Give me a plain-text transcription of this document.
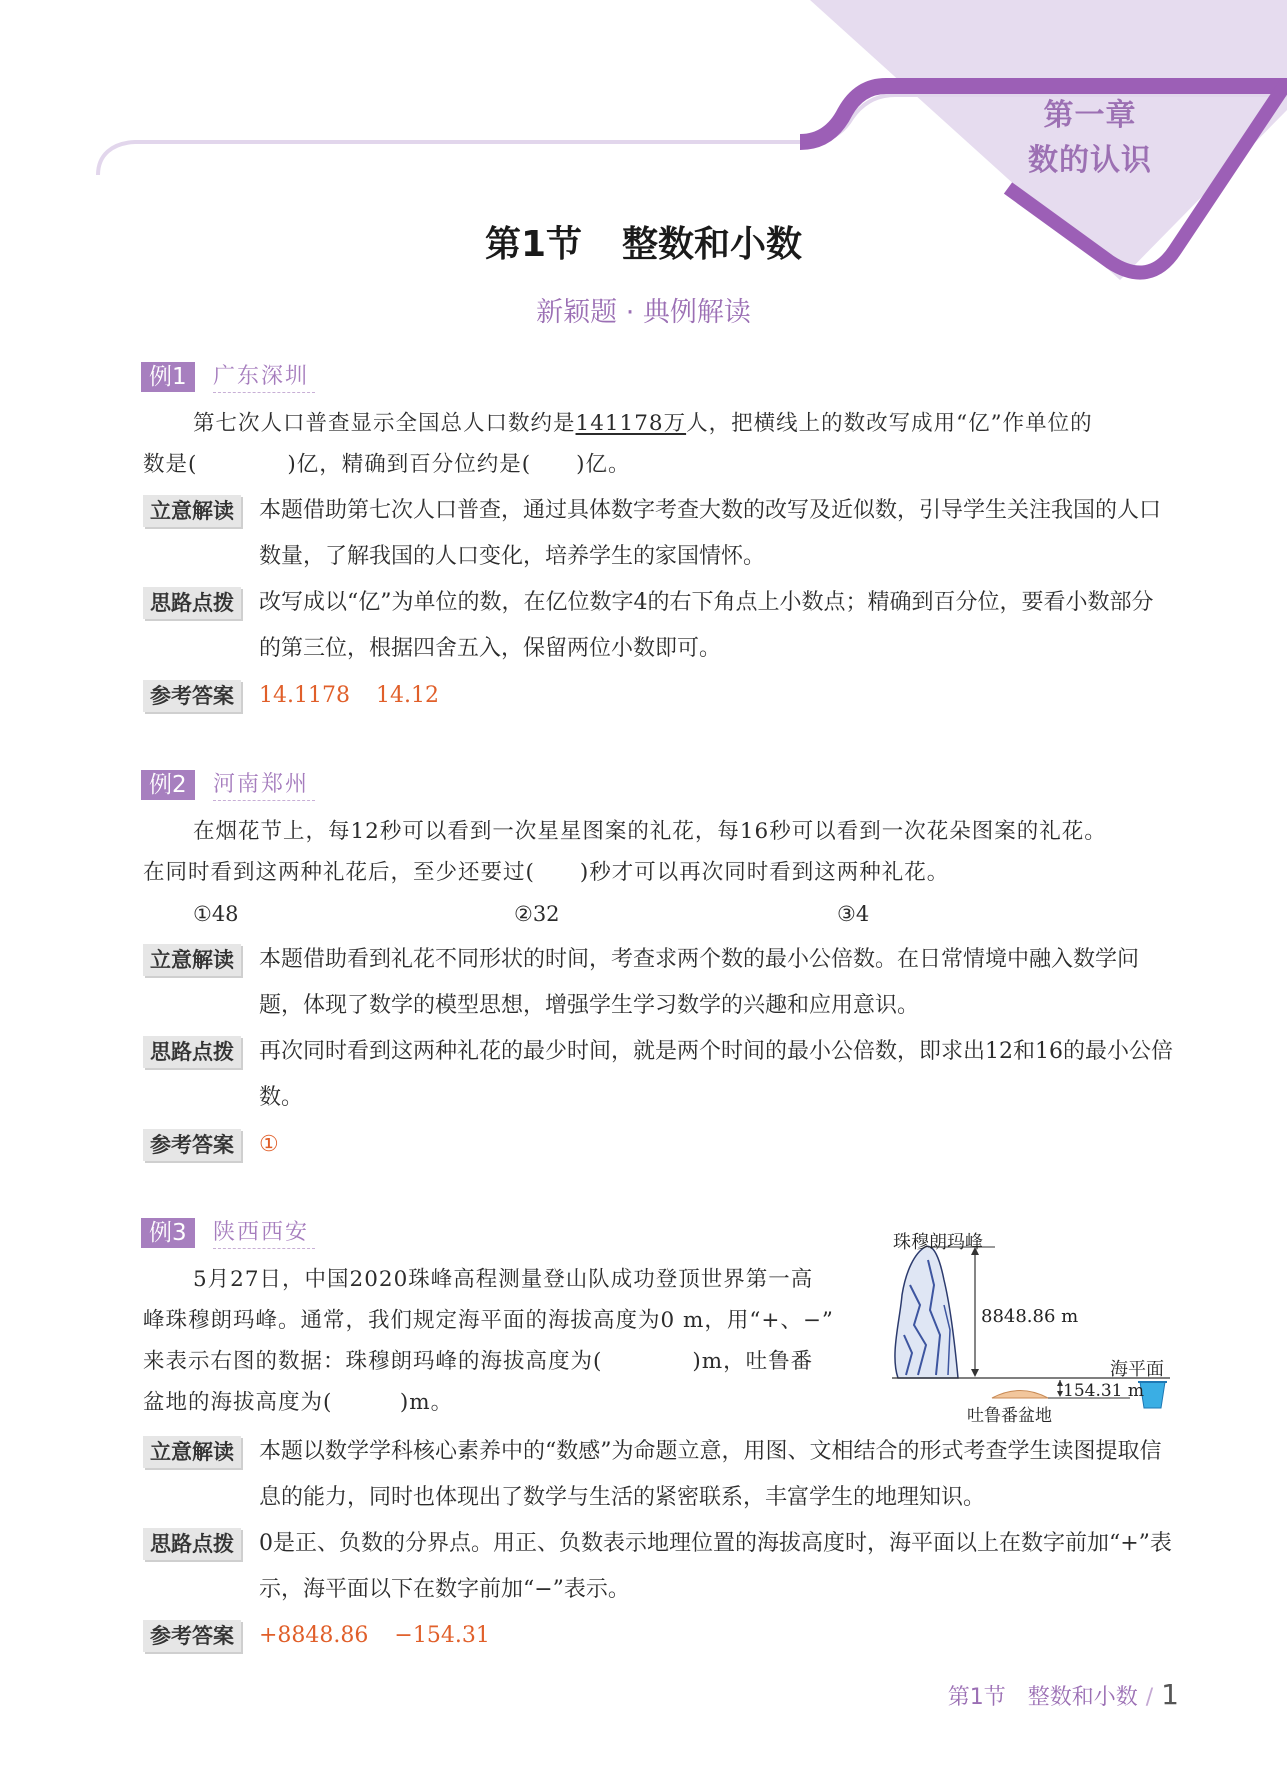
第一章
数的认识
第1节 整数和小数
新颖题 · 典例解读
例1	广东深圳
第七次人口普查显示全国总人口数约是141178万人，把横线上的数改写成用“亿”作单位的
数是(　　　　)亿，精确到百分位约是(　　)亿。
立意解读	本题借助第七次人口普查，通过具体数字考查大数的改写及近似数，引导学生关注我国的人口数量，了解我国的人口变化，培养学生的家国情怀。
思路点拨	改写成以“亿”为单位的数，在亿位数字4的右下角点上小数点；精确到百分位，要看小数部分的第三位，根据四舍五入，保留两位小数即可。
参考答案	14.1178 14.12
例2	河南郑州
在烟花节上，每12秒可以看到一次星星图案的礼花，每16秒可以看到一次花朵图案的礼花。
在同时看到这两种礼花后，至少还要过(　　)秒才可以再次同时看到这两种礼花。
①48	②32	③4
立意解读	本题借助看到礼花不同形状的时间，考查求两个数的最小公倍数。在日常情境中融入数学问题，体现了数学的模型思想，增强学生学习数学的兴趣和应用意识。
思路点拨	再次同时看到这两种礼花的最少时间，就是两个时间的最小公倍数，即求出12和16的最小公倍数。
参考答案	①
例3	陕西西安
5月27日，中国2020珠峰高程测量登山队成功登顶世界第一高
峰珠穆朗玛峰。通常，我们规定海平面的海拔高度为0 m，用“+、−”
来表示右图的数据：珠穆朗玛峰的海拔高度为(　　　　)m，吐鲁番
盆地的海拔高度为(　　　)m。
珠穆朗玛峰
8848.86 m
海平面
154.31 m
吐鲁番盆地
立意解读	本题以数学学科核心素养中的“数感”为命题立意，用图、文相结合的形式考查学生读图提取信息的能力，同时也体现出了数学与生活的紧密联系，丰富学生的地理知识。
思路点拨	0是正、负数的分界点。用正、负数表示地理位置的海拔高度时，海平面以上在数字前加“+”表示，海平面以下在数字前加“−”表示。
参考答案	+8848.86 −154.31
第1节　整数和小数 / 1
